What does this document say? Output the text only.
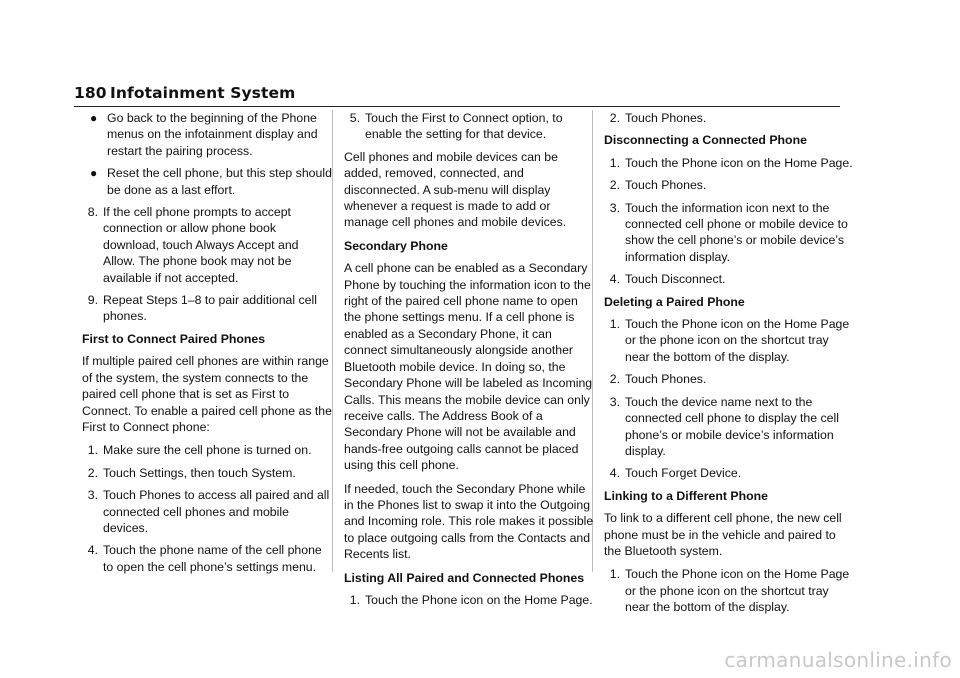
180 Infotainment System
● Go back to the beginning of the Phone menus on the infotainment display and restart the pairing process.
● Reset the cell phone, but this step should be done as a last effort.
8. If the cell phone prompts to accept connection or allow phone book download, touch Always Accept and Allow. The phone book may not be available if not accepted.
9. Repeat Steps 1–8 to pair additional cell phones.

First to Connect Paired Phones

If multiple paired cell phones are within range of the system, the system connects to the paired cell phone that is set as First to Connect. To enable a paired cell phone as the First to Connect phone:

1. Make sure the cell phone is turned on.
2. Touch Settings, then touch System.
3. Touch Phones to access all paired and all connected cell phones and mobile devices.
4. Touch the phone name of the cell phone to open the cell phone’s settings menu.
5. Touch the First to Connect option, to enable the setting for that device.

Cell phones and mobile devices can be added, removed, connected, and disconnected. A sub-menu will display whenever a request is made to add or manage cell phones and mobile devices.

Secondary Phone

A cell phone can be enabled as a Secondary Phone by touching the information icon to the right of the paired cell phone name to open the phone settings menu. If a cell phone is enabled as a Secondary Phone, it can connect simultaneously alongside another Bluetooth mobile device. In doing so, the Secondary Phone will be labeled as Incoming Calls. This means the mobile device can only receive calls. The Address Book of a Secondary Phone will not be available and hands-free outgoing calls cannot be placed using this cell phone.

If needed, touch the Secondary Phone while in the Phones list to swap it into the Outgoing and Incoming role. This role makes it possible to place outgoing calls from the Contacts and Recents list.

Listing All Paired and Connected Phones

1. Touch the Phone icon on the Home Page.
2. Touch Phones.

Disconnecting a Connected Phone

1. Touch the Phone icon on the Home Page.
2. Touch Phones.
3. Touch the information icon next to the connected cell phone or mobile device to show the cell phone’s or mobile device’s information display.
4. Touch Disconnect.

Deleting a Paired Phone

1. Touch the Phone icon on the Home Page or the phone icon on the shortcut tray near the bottom of the display.
2. Touch Phones.
3. Touch the device name next to the connected cell phone to display the cell phone’s or mobile device’s information display.
4. Touch Forget Device.

Linking to a Different Phone

To link to a different cell phone, the new cell phone must be in the vehicle and paired to the Bluetooth system.

1. Touch the Phone icon on the Home Page or the phone icon on the shortcut tray near the bottom of the display.
carmanualsonline.info
